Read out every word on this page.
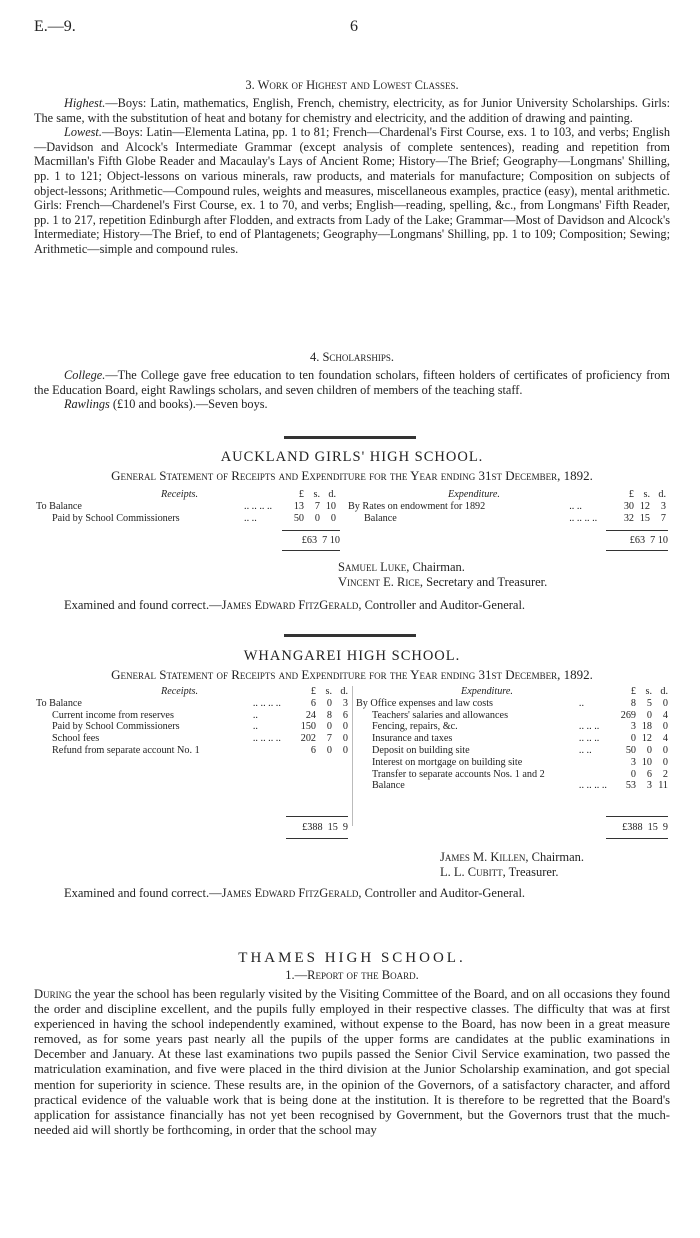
E.—9.	6
3. Work of Highest and Lowest Classes.

Highest.—Boys: Latin, mathematics, English, French, chemistry, electricity, as for Junior University Scholarships. Girls: The same, with the substitution of heat and botany for chemistry and electricity, and the addition of drawing and painting.

Lowest.—Boys: Latin—Elementa Latina, pp. 1 to 81; French—Chardenal's First Course, exs. 1 to 103, and verbs; English—Davidson and Alcock's Intermediate Grammar (except analysis of complete sentences), reading and repetition from Macmillan's Fifth Globe Reader and Macaulay's Lays of Ancient Rome; History—The Brief; Geography—Longmans' Shilling, pp. 1 to 121; Object-lessons on various minerals, raw products, and materials for manufacture; Composition on subjects of object-lessons; Arithmetic—Compound rules, weights and measures, miscellaneous examples, practice (easy), mental arithmetic. Girls: French—Chardenel's First Course, ex. 1 to 70, and verbs; English—reading, spelling, &c., from Longmans' Fifth Reader, pp. 1 to 217, repetition Edinburgh after Flodden, and extracts from Lady of the Lake; Grammar—Most of Davidson and Alcock's Intermediate; History—The Brief, to end of Plantagenets; Geography—Longmans' Shilling, pp. 1 to 109; Composition; Sewing; Arithmetic—simple and compound rules.

4. Scholarships.

College.—The College gave free education to ten foundation scholars, fifteen holders of certificates of proficiency from the Education Board, eight Rawlings scholars, and seven children of members of the teaching staff.

Rawlings (£10 and books).—Seven boys.

AUCKLAND GIRLS' HIGH SCHOOL.
General Statement of Receipts and Expenditure for the Year ending 31st December, 1892.
Receipts.		£	s.	d.
To Balance	.. .. .. ..	13	7	10
Paid by School Commissioners	.. ..	50	0	0
£63 7 10
Expenditure.		£	s.	d.
By Rates on endowment for 1892	.. ..	30	12	3
Balance	.. .. .. ..	32	15	7
£63 7 10
Samuel Luke, Chairman.
Vincent E. Rice, Secretary and Treasurer.
Examined and found correct.—James Edward FitzGerald, Controller and Auditor-General.
WHANGAREI HIGH SCHOOL.
General Statement of Receipts and Expenditure for the Year ending 31st December, 1892.
Receipts.		£	s.	d.
To Balance	.. .. .. ..	6	0	3
Current income from reserves	..	24	8	6
Paid by School Commissioners	..	150	0	0
School fees	.. .. .. ..	202	7	0
Refund from separate account No. 1		6	0	0
£388 15 9
Expenditure.		£	s.	d.
By Office expenses and law costs	..	8	5	0
Teachers' salaries and allowances		269	0	4
Fencing, repairs, &c.	.. .. ..	3	18	0
Insurance and taxes	.. .. ..	0	12	4
Deposit on building site	.. ..	50	0	0
Interest on mortgage on building site		3	10	0
Transfer to separate accounts Nos. 1 and 2		0	6	2
Balance	.. .. .. ..	53	3	11
£388 15 9
James M. Killen, Chairman.
L. L. Cubitt, Treasurer.
Examined and found correct.—James Edward FitzGerald, Controller and Auditor-General.
THAMES HIGH SCHOOL.
1.—Report of the Board.

During the year the school has been regularly visited by the Visiting Committee of the Board, and on all occasions they found the order and discipline excellent, and the pupils fully employed in their respective classes. The difficulty that was at first experienced in having the school independently examined, without expense to the Board, has now been in a great measure removed, as for some years past nearly all the pupils of the upper forms are candidates at the public examinations in December and January. At these last examinations two pupils passed the Senior Civil Service examination, two passed the matriculation examination, and five were placed in the third division at the Junior Scholarship examination, and got special mention for superiority in science. These results are, in the opinion of the Governors, of a satisfactory character, and afford practical evidence of the valuable work that is being done at the institution. It is therefore to be regretted that the Board's application for assistance financially has not yet been recognised by Government, but the Governors trust that the much-needed aid will shortly be forthcoming, in order that the school may
